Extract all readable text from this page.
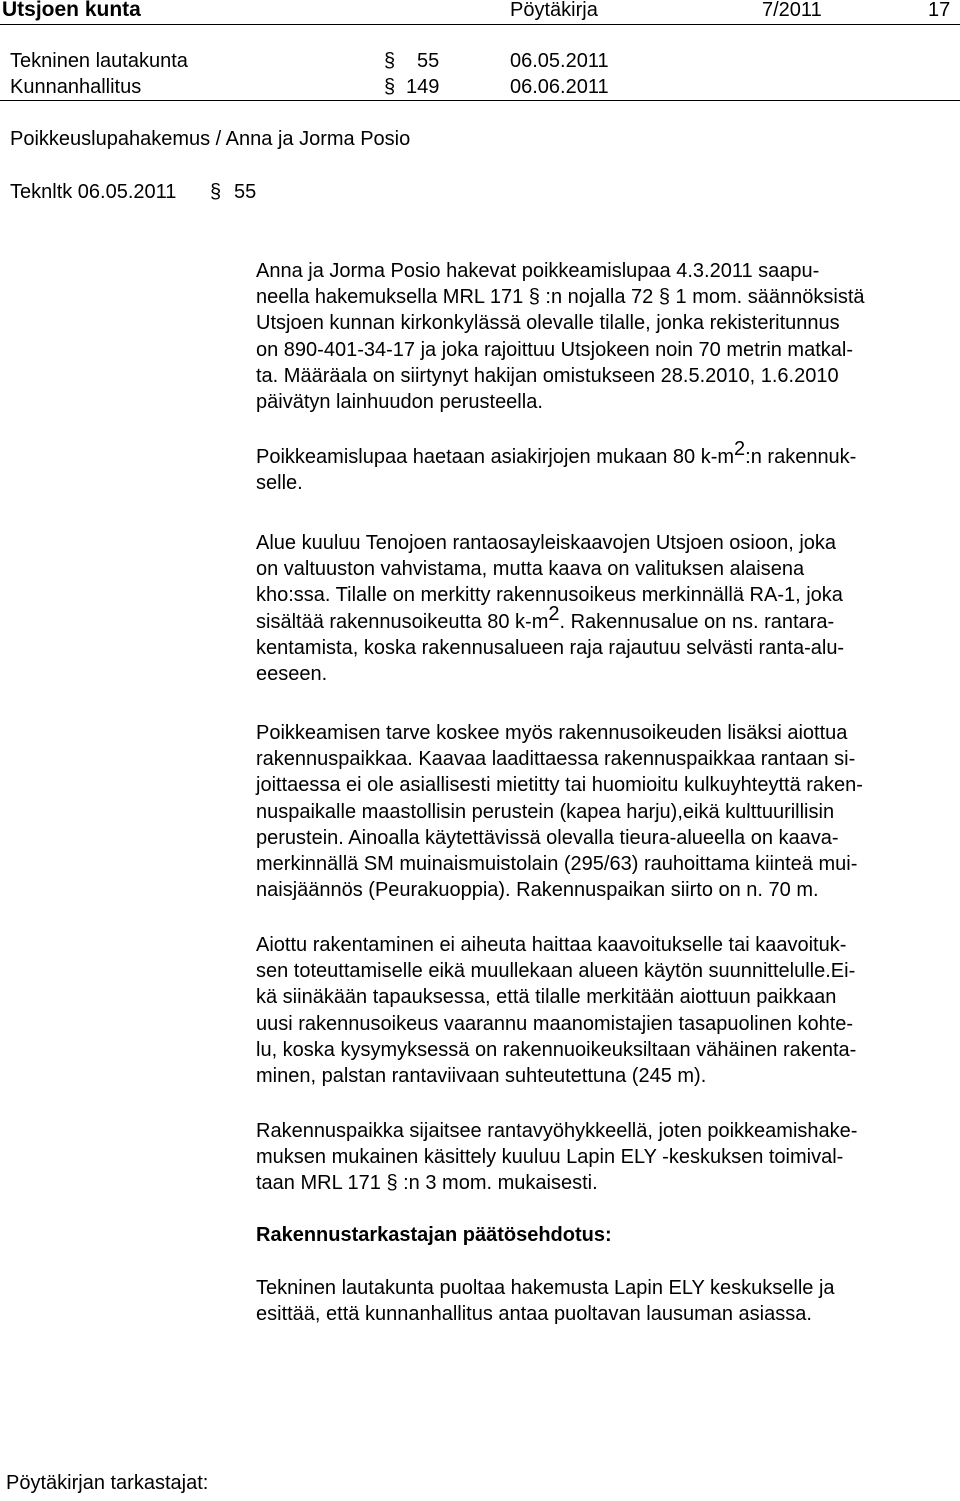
Utsjoen kunta	Pöytäkirja	7/2011	17
Tekninen lautakunta	§ 55	06.05.2011
Kunnanhallitus	§ 149	06.06.2011
Poikkeuslupahakemus / Anna ja Jorma Posio
Teknltk 06.05.2011 § 55

Anna ja Jorma Posio hakevat poikkeamislupaa 4.3.2011 saapu-
neella hakemuksella MRL 171 § :n nojalla 72 § 1 mom. säännöksistä
Utsjoen kunnan kirkonkylässä olevalle tilalle, jonka rekisteritunnus
on 890-401-34-17 ja joka rajoittuu Utsjokeen noin 70 metrin matkal-
ta. Määräala on siirtynyt hakijan omistukseen 28.5.2010, 1.6.2010
päivätyn lainhuudon perusteella.

Poikkeamislupaa haetaan asiakirjojen mukaan 80 $k-m^2:n$ rakennuk-
selle.

Alue kuuluu Tenojoen rantaosayleiskaavojen Utsjoen osioon, joka
on valtuuston vahvistama, mutta kaava on valituksen alaisena
kho:ssa. Tilalle on merkitty rakennusoikeus merkinnällä RA-1, joka
sisältää rakennusoikeutta 80 $k-m^2$. Rakennusalue on ns. rantara-
kentamista, koska rakennusalueen raja rajautuu selvästi ranta-alu-
eeseen.

Poikkeamisen tarve koskee myös rakennusoikeuden lisäksi aiottua
rakennuspaikkaa. Kaavaa laadittaessa rakennuspaikkaa rantaan si-
joittaessa ei ole asiallisesti mietitty tai huomioitu kulkuyhteyttä raken-
nuspaikalle maastollisin perustein (kapea harju),eikä kulttuurillisin
perustein. Ainoalla käytettävissä olevalla tieura-alueella on kaava-
merkinnällä SM muinaismuistolain (295/63) rauhoittama kiinteä mui-
naisjäännös (Peurakuoppia). Rakennuspaikan siirto on n. 70 m.

Aiottu rakentaminen ei aiheuta haittaa kaavoitukselle tai kaavoituk-
sen toteuttamiselle eikä muullekaan alueen käytön suunnittelulle.Ei-
kä siinäkään tapauksessa, että tilalle merkitään aiottuun paikkaan
uusi rakennusoikeus vaarannu maanomistajien tasapuolinen kohte-
lu, koska kysymyksessä on rakennuoikeuksiltaan vähäinen rakenta-
minen, palstan rantaviivaan suhteutettuna (245 m).

Rakennuspaikka sijaitsee rantavyöhykkeellä, joten poikkeamishake-
muksen mukainen käsittely kuuluu Lapin ELY -keskuksen toimival-
taan MRL 171 § :n 3 mom. mukaisesti.

Rakennustarkastajan päätösehdotus:

Tekninen lautakunta puoltaa hakemusta Lapin ELY keskukselle ja
esittää, että kunnanhallitus antaa puoltavan lausuman asiassa.

Pöytäkirjan tarkastajat:
